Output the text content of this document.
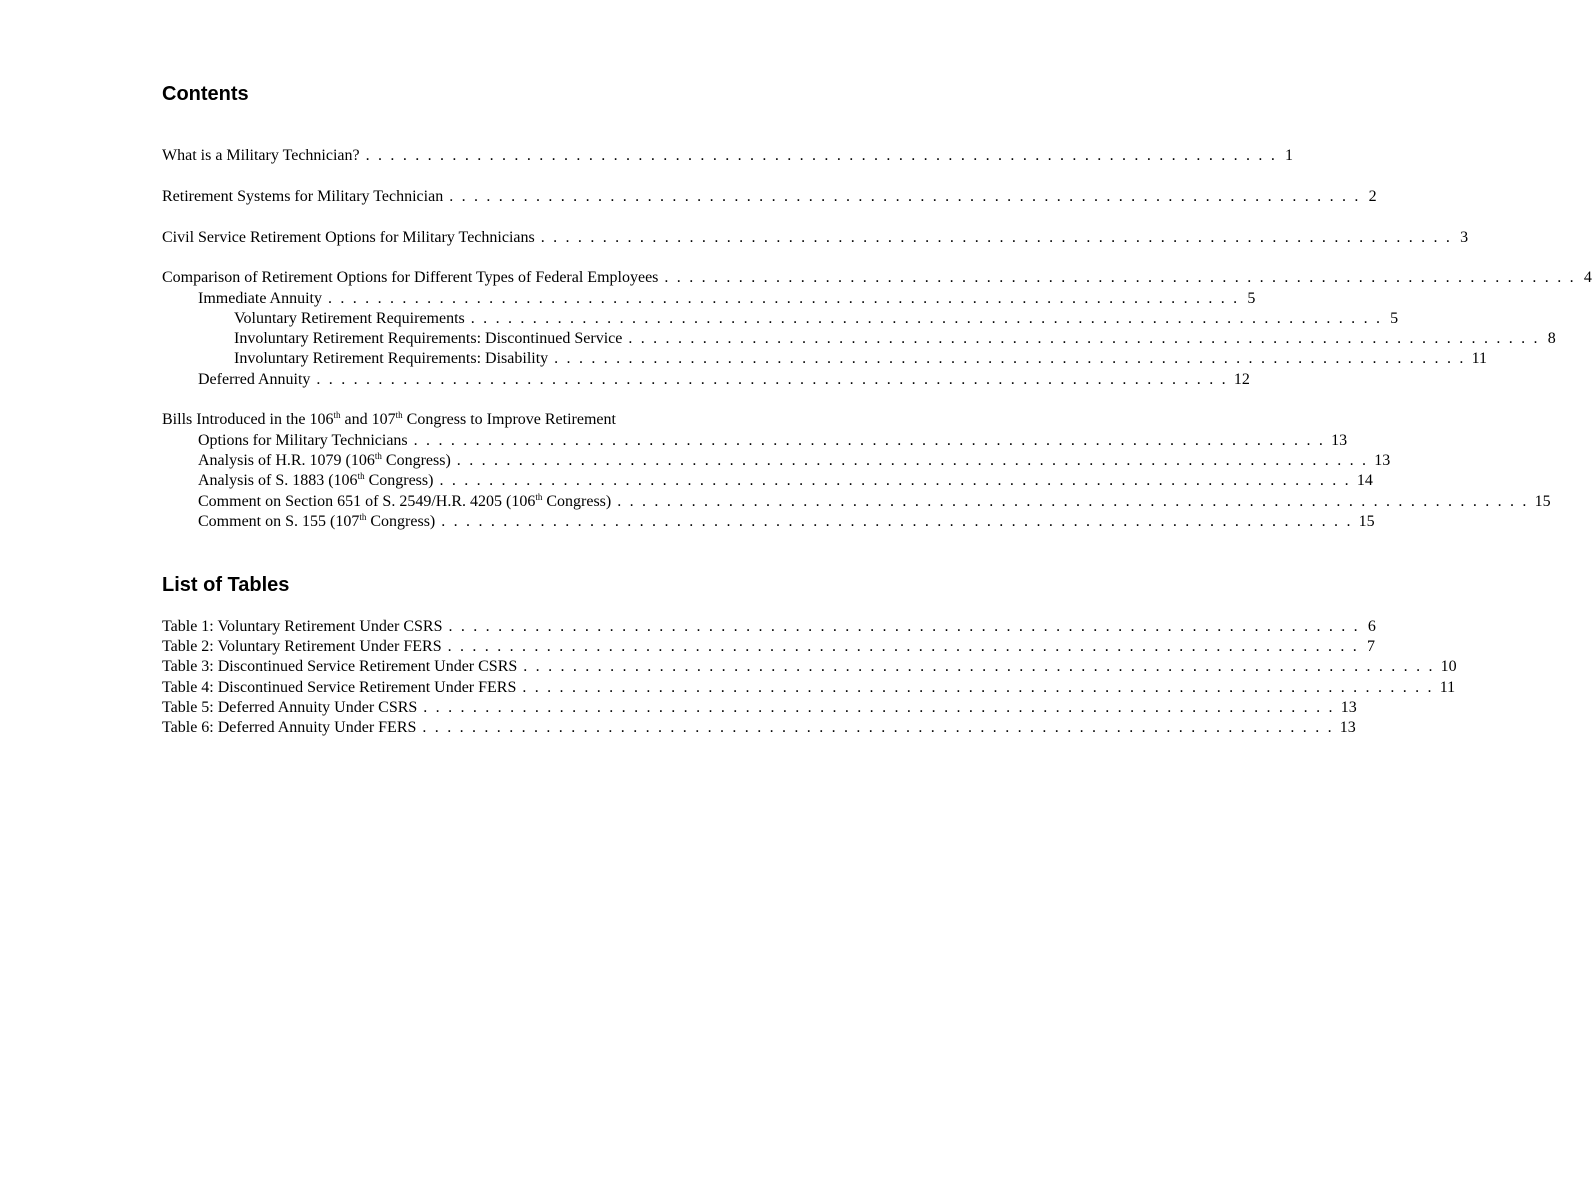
Contents
What is a Military Technician? . . . . . . . . . . . . . . . . . . . . . . . . . . . . . . . . . . . . . . . . . . . . . . . . . . . . . . . . . . . . . . . . . . . . . . . . . . 1
Retirement Systems for Military Technician . . . . . . . . . . . . . . . . . . . . . . . . . . . . . . . . . . . . . . . . . . . . . . . . . . . . . . . . . . . . . . . . . . . . . . . . . . 2
Civil Service Retirement Options for Military Technicians . . . . . . . . . . . . . . . . . . . . . . . . . . . . . . . . . . . . . . . . . . . . . . . . . . . . . . . . . . . . . . . . . . . . . . . . . . 3
Comparison of Retirement Options for Different Types of Federal Employees . . . . . . . . . . . . . . . . . . . . . . . . . . . . . . . . . . . . . . . . . . . . . . . . . . . . . . . . . . . . . . . . . . . . . . . . . . 4
Immediate Annuity . . . . . . . . . . . . . . . . . . . . . . . . . . . . . . . . . . . . . . . . . . . . . . . . . . . . . . . . . . . . . . . . . . . . . . . . . . 5
Voluntary Retirement Requirements . . . . . . . . . . . . . . . . . . . . . . . . . . . . . . . . . . . . . . . . . . . . . . . . . . . . . . . . . . . . . . . . . . . . . . . . . . 5
Involuntary Retirement Requirements: Discontinued Service . . . . . . . . . . . . . . . . . . . . . . . . . . . . . . . . . . . . . . . . . . . . . . . . . . . . . . . . . . . . . . . . . . . . . . . . . . 8
Involuntary Retirement Requirements: Disability . . . . . . . . . . . . . . . . . . . . . . . . . . . . . . . . . . . . . . . . . . . . . . . . . . . . . . . . . . . . . . . . . . . . . . . . . . 11
Deferred Annuity . . . . . . . . . . . . . . . . . . . . . . . . . . . . . . . . . . . . . . . . . . . . . . . . . . . . . . . . . . . . . . . . . . . . . . . . . . 12
Bills Introduced in the 106th and 107th Congress to Improve Retirement
Options for Military Technicians . . . . . . . . . . . . . . . . . . . . . . . . . . . . . . . . . . . . . . . . . . . . . . . . . . . . . . . . . . . . . . . . . . . . . . . . . . 13
Analysis of H.R. 1079 (106th Congress) . . . . . . . . . . . . . . . . . . . . . . . . . . . . . . . . . . . . . . . . . . . . . . . . . . . . . . . . . . . . . . . . . . . . . . . . . . 13
Analysis of S. 1883 (106th Congress) . . . . . . . . . . . . . . . . . . . . . . . . . . . . . . . . . . . . . . . . . . . . . . . . . . . . . . . . . . . . . . . . . . . . . . . . . . 14
Comment on Section 651 of S. 2549/H.R. 4205 (106th Congress) . . . . . . . . . . . . . . . . . . . . . . . . . . . . . . . . . . . . . . . . . . . . . . . . . . . . . . . . . . . . . . . . . . . . . . . . . . 15
Comment on S. 155 (107th Congress) . . . . . . . . . . . . . . . . . . . . . . . . . . . . . . . . . . . . . . . . . . . . . . . . . . . . . . . . . . . . . . . . . . . . . . . . . . 15
List of Tables
Table 1: Voluntary Retirement Under CSRS . . . . . . . . . . . . . . . . . . . . . . . . . . . . . . . . . . . . . . . . . . . . . . . . . . . . . . . . . . . . . . . . . . . . . . . . . . 6
Table 2: Voluntary Retirement Under FERS . . . . . . . . . . . . . . . . . . . . . . . . . . . . . . . . . . . . . . . . . . . . . . . . . . . . . . . . . . . . . . . . . . . . . . . . . . 7
Table 3: Discontinued Service Retirement Under CSRS . . . . . . . . . . . . . . . . . . . . . . . . . . . . . . . . . . . . . . . . . . . . . . . . . . . . . . . . . . . . . . . . . . . . . . . . . . 10
Table 4: Discontinued Service Retirement Under FERS . . . . . . . . . . . . . . . . . . . . . . . . . . . . . . . . . . . . . . . . . . . . . . . . . . . . . . . . . . . . . . . . . . . . . . . . . . 11
Table 5: Deferred Annuity Under CSRS . . . . . . . . . . . . . . . . . . . . . . . . . . . . . . . . . . . . . . . . . . . . . . . . . . . . . . . . . . . . . . . . . . . . . . . . . . 13
Table 6: Deferred Annuity Under FERS . . . . . . . . . . . . . . . . . . . . . . . . . . . . . . . . . . . . . . . . . . . . . . . . . . . . . . . . . . . . . . . . . . . . . . . . . . 13
